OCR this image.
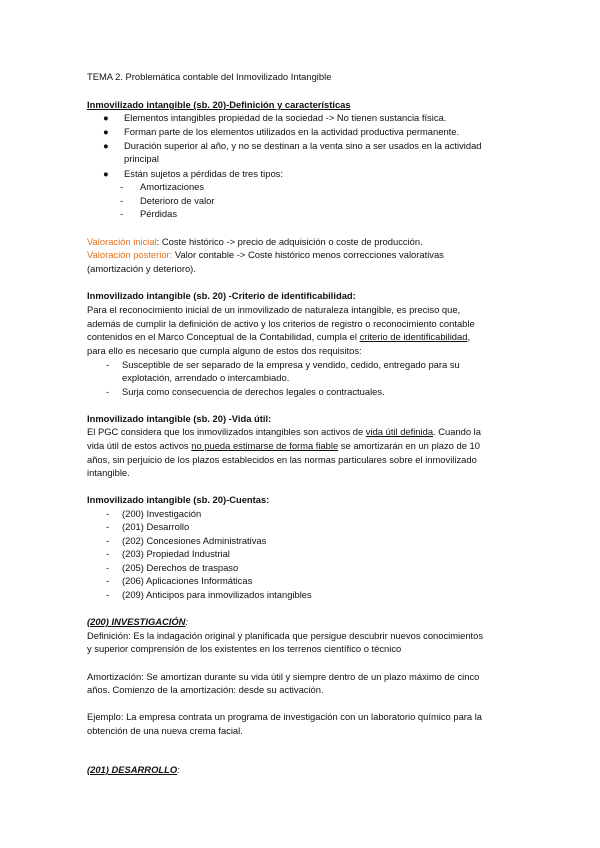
TEMA 2. Problemática contable del Inmovilizado Intangible
Inmovilizado intangible (sb. 20)-Definición y características
● Elementos intangibles propiedad de la sociedad -> No tienen sustancia física.
● Forman parte de los elementos utilizados en la actividad productiva permanente.
● Duración superior al año, y no se destinan a la venta sino a ser usados en la actividad
principal
● Están sujetos a pérdidas de tres tipos:
- Amortizaciones
- Deterioro de valor
- Pérdidas
Valoración inicial: Coste histórico -> precio de adquisición o coste de producción.
Valoración posterior: Valor contable -> Coste histórico menos correcciones valorativas
(amortización y deterioro).
Inmovilizado intangible (sb. 20) -Criterio de identificabilidad:
Para el reconocimiento inicial de un inmovilizado de naturaleza intangible, es preciso que,
además de cumplir la definición de activo y los criterios de registro o reconocimiento contable
contenidos en el Marco Conceptual de la Contabilidad, cumpla el criterio de identificabilidad,
para ello es necesario que cumpla alguno de estos dos requisitos:
- Susceptible de ser separado de la empresa y vendido, cedido, entregado para su
explotación, arrendado o intercambiado.
- Surja como consecuencia de derechos legales o contractuales.
Inmovilizado intangible (sb. 20) -Vida útil:
El PGC considera que los inmovilizados intangibles son activos de vida útil definida. Cuando la
vida útil de estos activos no pueda estimarse de forma fiable se amortizarán en un plazo de 10
años, sin perjuicio de los plazos establecidos en las normas particulares sobre el inmovilizado
intangible.
Inmovilizado intangible (sb. 20)-Cuentas:
- (200) Investigación
- (201) Desarrollo
- (202) Concesiones Administrativas
- (203) Propiedad Industrial
- (205) Derechos de traspaso
- (206) Aplicaciones Informáticas
- (209) Anticipos para inmovilizados intangibles
(200) INVESTIGACIÓN:
Definición: Es la indagación original y planificada que persigue descubrir nuevos conocimientos
y superior comprensión de los existentes en los terrenos científico o técnico
Amortización: Se amortizan durante su vida útil y siempre dentro de un plazo máximo de cinco
años. Comienzo de la amortización: desde su activación.
Ejemplo: La empresa contrata un programa de investigación con un laboratorio químico para la
obtención de una nueva crema facial.
(201) DESARROLLO:
